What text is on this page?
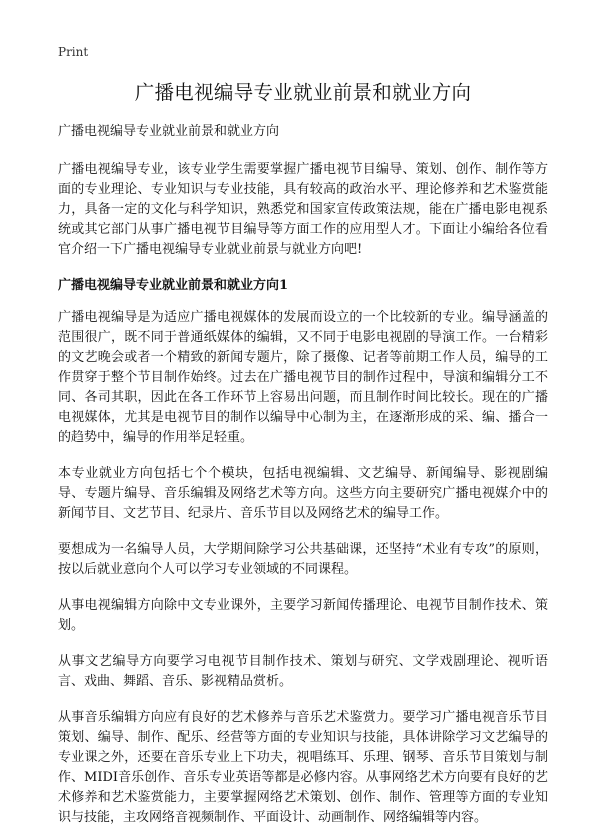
Print
广播电视编导专业就业前景和就业方向
广播电视编导专业就业前景和就业方向

广播电视编导专业，该专业学生需要掌握广播电视节目编导、策划、创作、制作等方面的专业理论、专业知识与专业技能，具有较高的政治水平、理论修养和艺术鉴赏能力，具备一定的文化与科学知识，熟悉党和国家宣传政策法规，能在广播电影电视系统或其它部门从事广播电视节目编导等方面工作的应用型人才。下面让小编给各位看官介绍一下广播电视编导专业就业前景与就业方向吧!

广播电视编导专业就业前景和就业方向1

广播电视编导是为适应广播电视媒体的发展而设立的一个比较新的专业。编导涵盖的范围很广，既不同于普通纸媒体的编辑，又不同于电影电视剧的导演工作。一台精彩的文艺晚会或者一个精致的新闻专题片，除了摄像、记者等前期工作人员，编导的工作贯穿于整个节目制作始终。过去在广播电视节目的制作过程中，导演和编辑分工不同、各司其职，因此在各工作环节上容易出问题，而且制作时间比较长。现在的广播电视媒体，尤其是电视节目的制作以编导中心制为主，在逐渐形成的采、编、播合一的趋势中，编导的作用举足轻重。

本专业就业方向包括七个个模块，包括电视编辑、文艺编导、新闻编导、影视剧编导、专题片编导、音乐编辑及网络艺术等方向。这些方向主要研究广播电视媒介中的新闻节目、文艺节目、纪录片、音乐节目以及网络艺术的编导工作。

要想成为一名编导人员，大学期间除学习公共基础课，还坚持“术业有专攻”的原则，按以后就业意向个人可以学习专业领域的不同课程。

从事电视编辑方向除中文专业课外，主要学习新闻传播理论、电视节目制作技术、策划。

从事文艺编导方向要学习电视节目制作技术、策划与研究、文学戏剧理论、视听语言、戏曲、舞蹈、音乐、影视精品赏析。

从事音乐编辑方向应有良好的艺术修养与音乐艺术鉴赏力。要学习广播电视音乐节目策划、编导、制作、配乐、经营等方面的专业知识与技能，具体讲除学习文艺编导的专业课之外，还要在音乐专业上下功夫，视唱练耳、乐理、钢琴、音乐节目策划与制作、MIDI音乐创作、音乐专业英语等都是必修内容。从事网络艺术方向要有良好的艺术修养和艺术鉴赏能力，主要掌握网络艺术策划、创作、制作、管理等方面的专业知识与技能，主攻网络音视频制作、平面设计、动画制作、网络编辑等内容。
